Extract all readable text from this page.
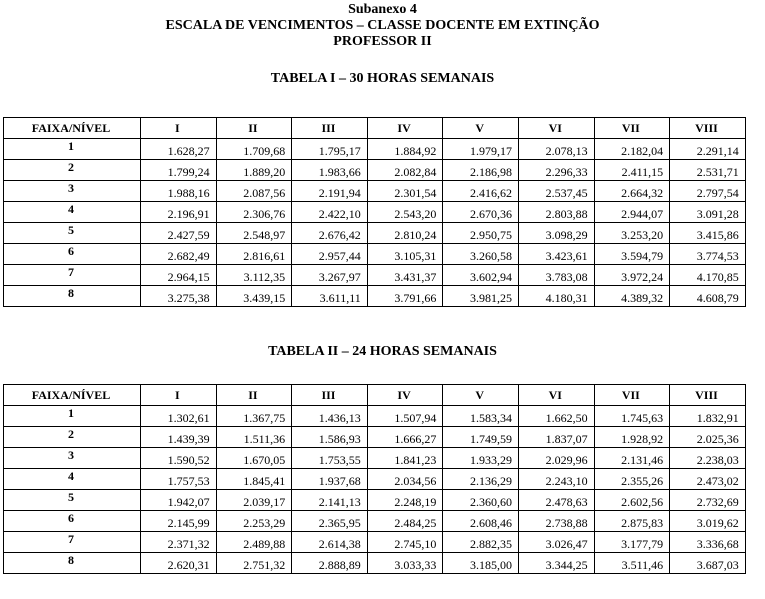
Subanexo 4
ESCALA DE VENCIMENTOS – CLASSE DOCENTE EM EXTINÇÃO
PROFESSOR II
TABELA I – 30 HORAS SEMANAIS
FAIXA/NÍVEL	I	II	III	IV	V	VI	VII	VIII
1	1.628,27	1.709,68	1.795,17	1.884,92	1.979,17	2.078,13	2.182,04	2.291,14
2	1.799,24	1.889,20	1.983,66	2.082,84	2.186,98	2.296,33	2.411,15	2.531,71
3	1.988,16	2.087,56	2.191,94	2.301,54	2.416,62	2.537,45	2.664,32	2.797,54
4	2.196,91	2.306,76	2.422,10	2.543,20	2.670,36	2.803,88	2.944,07	3.091,28
5	2.427,59	2.548,97	2.676,42	2.810,24	2.950,75	3.098,29	3.253,20	3.415,86
6	2.682,49	2.816,61	2.957,44	3.105,31	3.260,58	3.423,61	3.594,79	3.774,53
7	2.964,15	3.112,35	3.267,97	3.431,37	3.602,94	3.783,08	3.972,24	4.170,85
8	3.275,38	3.439,15	3.611,11	3.791,66	3.981,25	4.180,31	4.389,32	4.608,79
TABELA II – 24 HORAS SEMANAIS
FAIXA/NÍVEL	I	II	III	IV	V	VI	VII	VIII
1	1.302,61	1.367,75	1.436,13	1.507,94	1.583,34	1.662,50	1.745,63	1.832,91
2	1.439,39	1.511,36	1.586,93	1.666,27	1.749,59	1.837,07	1.928,92	2.025,36
3	1.590,52	1.670,05	1.753,55	1.841,23	1.933,29	2.029,96	2.131,46	2.238,03
4	1.757,53	1.845,41	1.937,68	2.034,56	2.136,29	2.243,10	2.355,26	2.473,02
5	1.942,07	2.039,17	2.141,13	2.248,19	2.360,60	2.478,63	2.602,56	2.732,69
6	2.145,99	2.253,29	2.365,95	2.484,25	2.608,46	2.738,88	2.875,83	3.019,62
7	2.371,32	2.489,88	2.614,38	2.745,10	2.882,35	3.026,47	3.177,79	3.336,68
8	2.620,31	2.751,32	2.888,89	3.033,33	3.185,00	3.344,25	3.511,46	3.687,03
